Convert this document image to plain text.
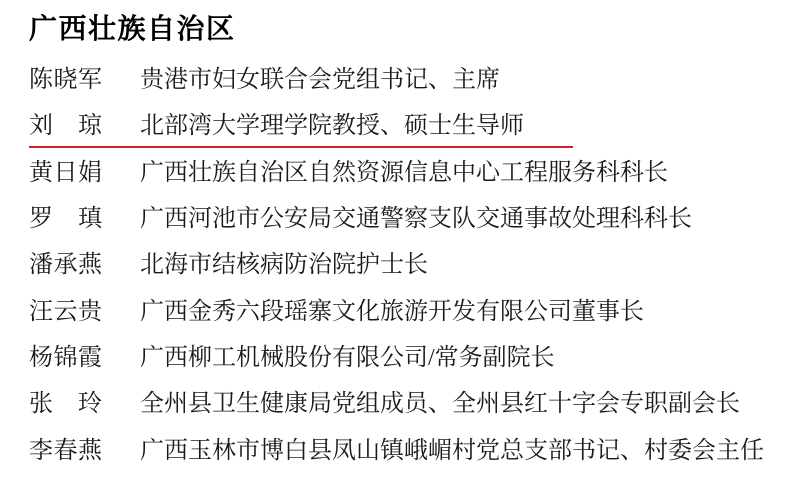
广西壮族自治区
陈晓军 贵港市妇女联合会党组书记、主席
刘　琼 北部湾大学理学院教授、硕士生导师
黄日娟 广西壮族自治区自然资源信息中心工程服务科科长
罗　瑱 广西河池市公安局交通警察支队交通事故处理科科长
潘承燕 北海市结核病防治院护士长
汪云贵 广西金秀六段瑶寨文化旅游开发有限公司董事长
杨锦霞 广西柳工机械股份有限公司/常务副院长
张　玲 全州县卫生健康局党组成员、全州县红十字会专职副会长
李春燕 广西玉林市博白县凤山镇峨嵋村党总支部书记、村委会主任
